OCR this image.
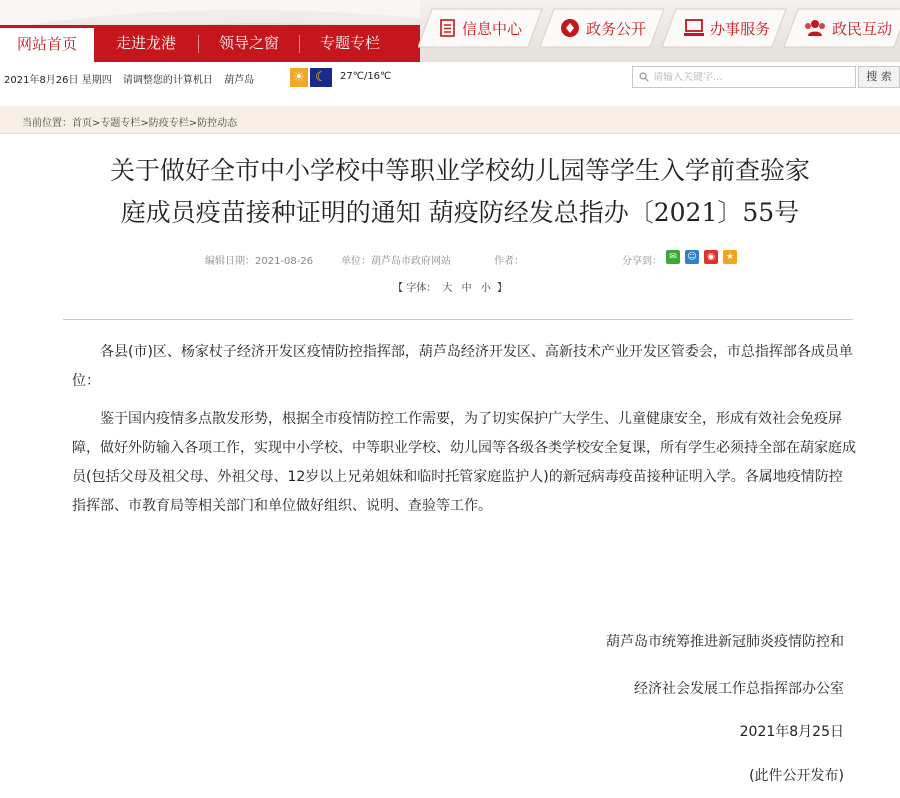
网站首页	走进龙港	领导之窗	专题专栏
信息中心	政务公开	办事服务	政民互动
2021年8月26日 星期四 请调整您的计算机日 葫芦岛	☀ ☾	27℃/16℃
请输入关键字...	搜 索
当前位置：首页>专题专栏>防疫专栏>防控动态
关于做好全市中小学校中等职业学校幼儿园等学生入学前查验家
庭成员疫苗接种证明的通知 葫疫防经发总指办〔2021〕55号
编辑日期：2021-08-26	单位：葫芦岛市政府网站	作者：	分享到： ✉	☺	◉	★
【 字体： 大 中 小 】

各县(市)区、杨家杖子经济开发区疫情防控指挥部，葫芦岛经济开发区、高新技术产业开发区管委会，市总指挥部各成员单位：

鉴于国内疫情多点散发形势，根据全市疫情防控工作需要，为了切实保护广大学生、儿童健康安全，形成有效社会免疫屏障，做好外防输入各项工作，实现中小学校、中等职业学校、幼儿园等各级各类学校安全复课，所有学生必须持全部在葫家庭成员(包括父母及祖父母、外祖父母、12岁以上兄弟姐妹和临时托管家庭监护人)的新冠病毒疫苗接种证明入学。各属地疫情防控指挥部、市教育局等相关部门和单位做好组织、说明、查验等工作。

葫芦岛市统筹推进新冠肺炎疫情防控和
经济社会发展工作总指挥部办公室
2021年8月25日
(此件公开发布)
